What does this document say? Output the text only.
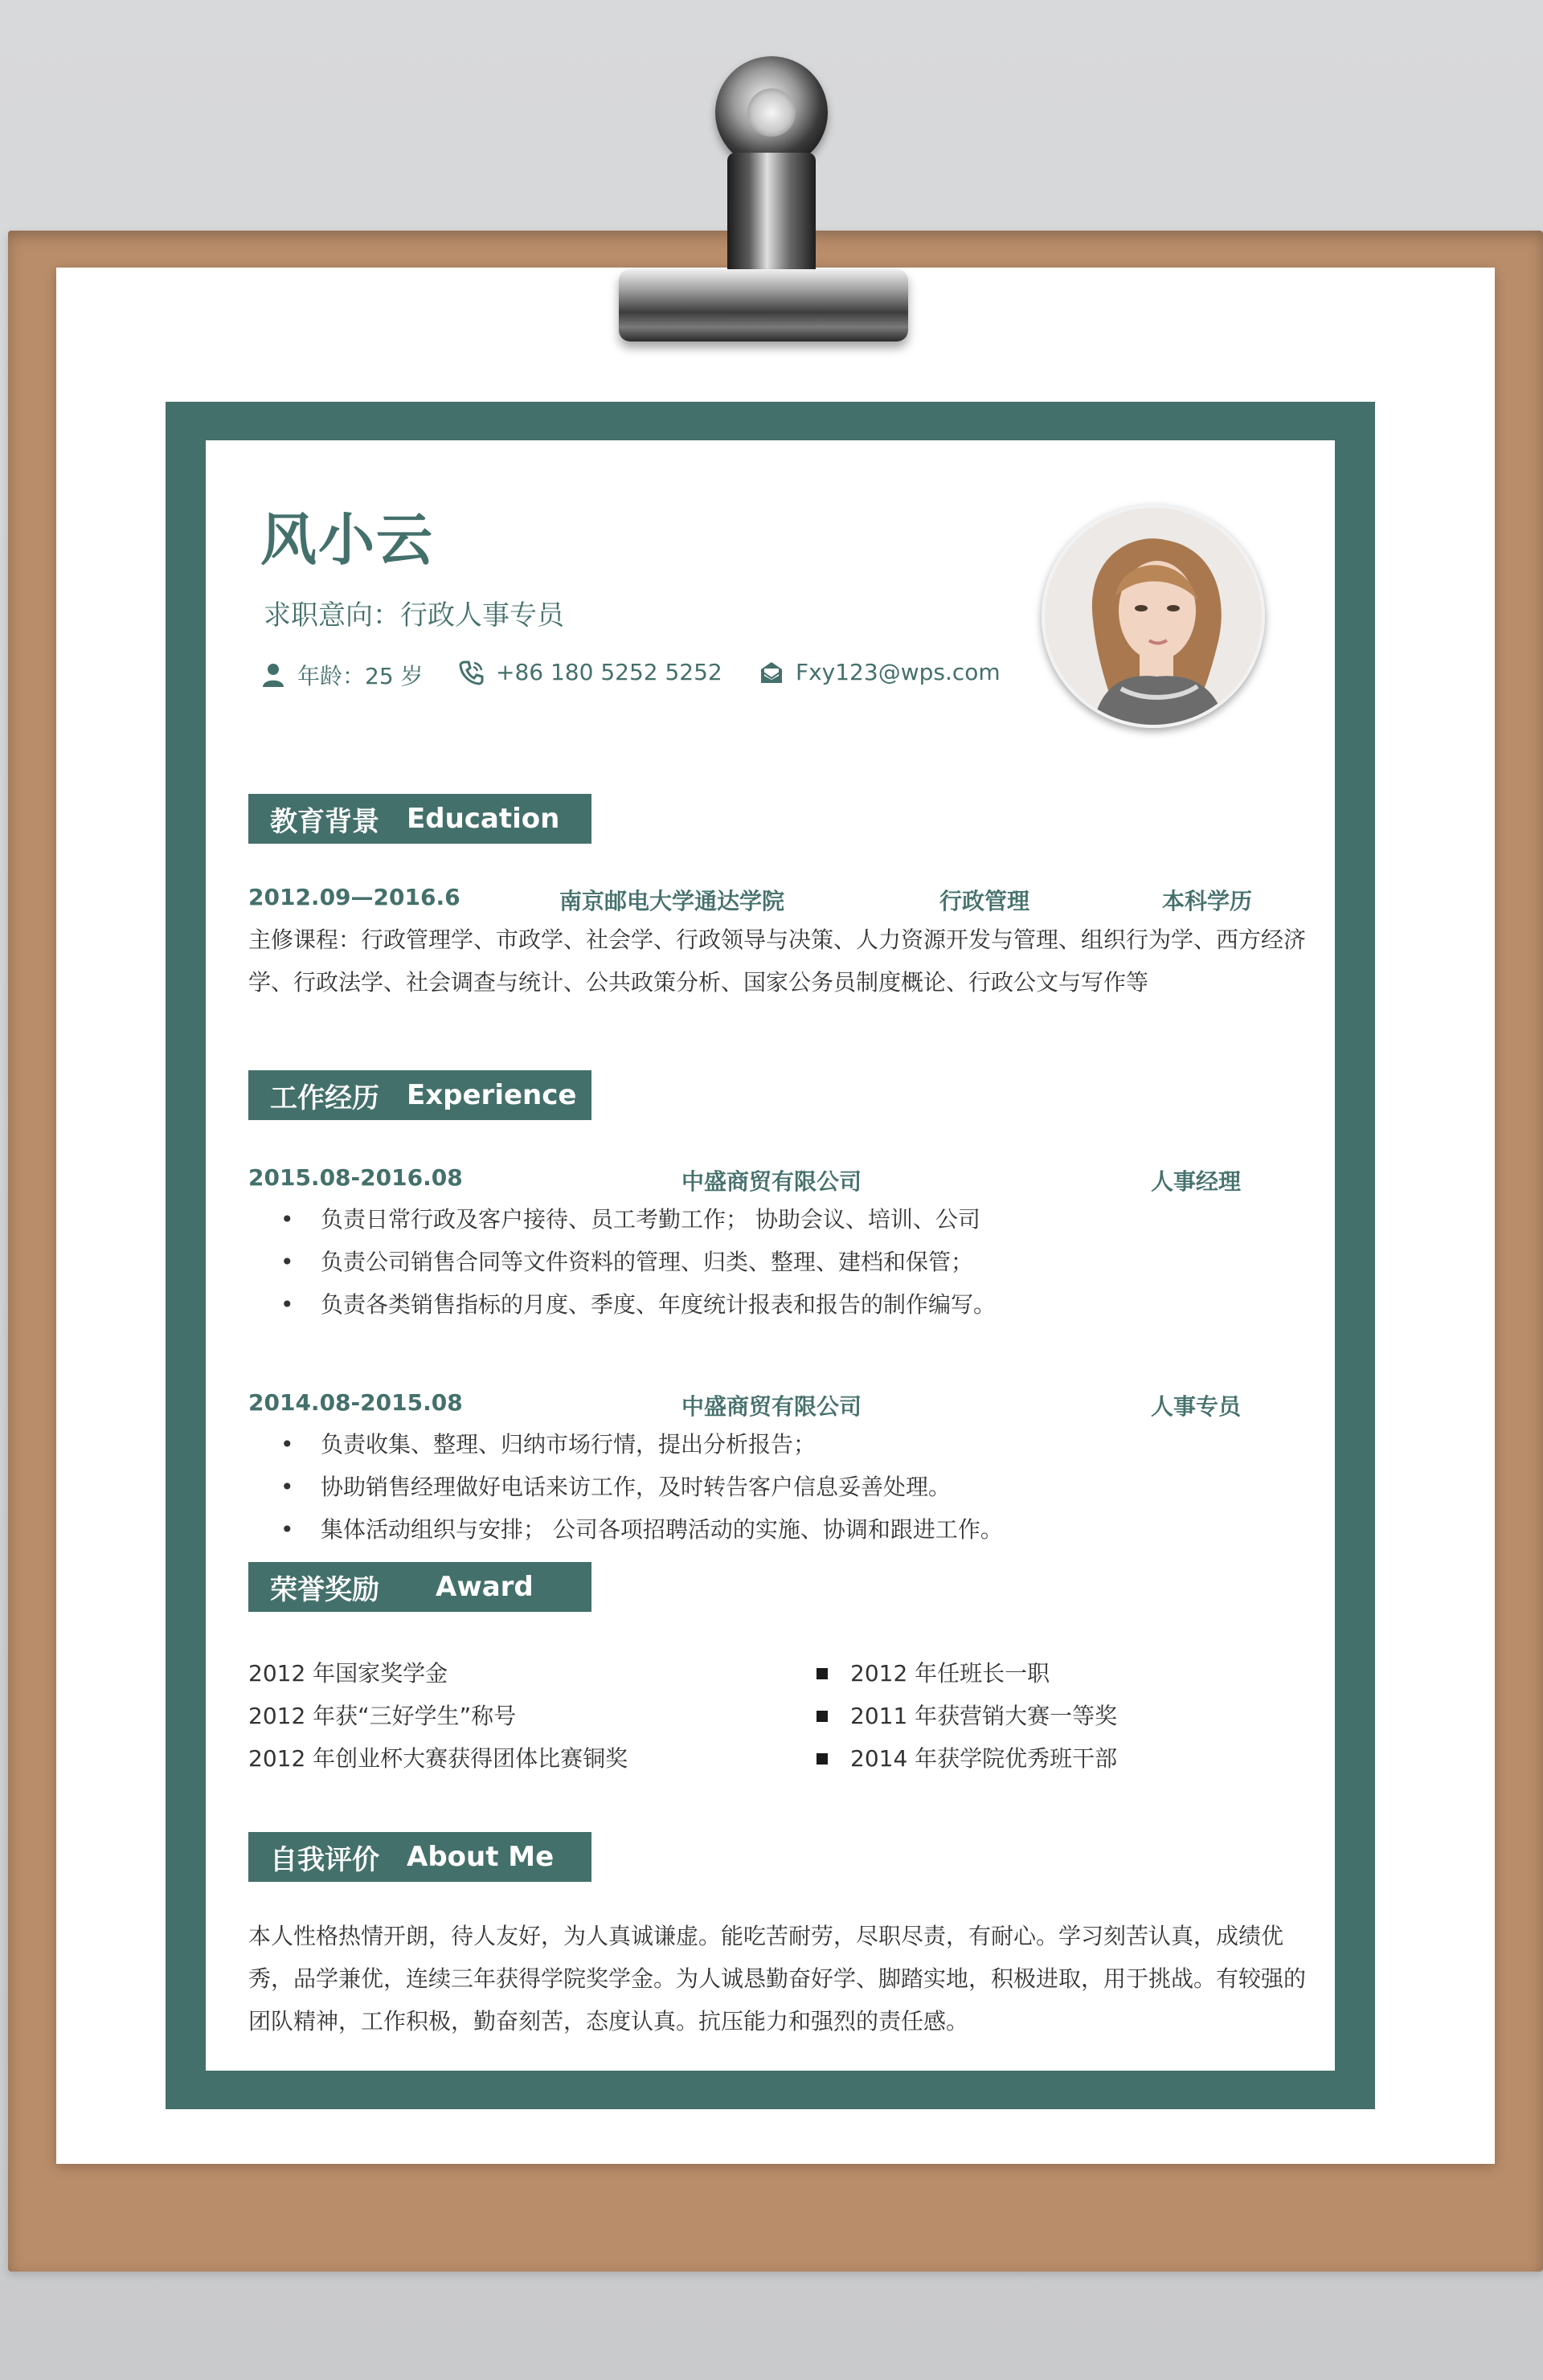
风小云
求职意向：行政人事专员
年龄：25 岁	+86 180 5252 5252	Fxy123@wps.com
教育背景 Education
2012.09—2016.6	南京邮电大学通达学院	行政管理	本科学历
主修课程：行政管理学、市政学、社会学、行政领导与决策、人力资源开发与管理、组织行为学、西方经济学、行政法学、社会调查与统计、公共政策分析、国家公务员制度概论、行政公文与写作等
工作经历 Experience
2015.08-2016.08	中盛商贸有限公司	人事经理
• 负责日常行政及客户接待、员工考勤工作； 协助会议、培训、公司
• 负责公司销售合同等文件资料的管理、归类、整理、建档和保管；
• 负责各类销售指标的月度、季度、年度统计报表和报告的制作编写。
2014.08-2015.08	中盛商贸有限公司	人事专员
• 负责收集、整理、归纳市场行情，提出分析报告；
• 协助销售经理做好电话来访工作，及时转告客户信息妥善处理。
• 集体活动组织与安排； 公司各项招聘活动的实施、协调和跟进工作。
荣誉奖励 Award
2012 年国家奖学金
2012 年获“三好学生”称号
2012 年创业杯大赛获得团体比赛铜奖
2012 年任班长一职
2011 年获营销大赛一等奖
2014 年获学院优秀班干部
自我评价 About Me
本人性格热情开朗，待人友好，为人真诚谦虚。能吃苦耐劳，尽职尽责，有耐心。学习刻苦认真，成绩优秀，品学兼优，连续三年获得学院奖学金。为人诚恳勤奋好学、脚踏实地，积极进取，用于挑战。有较强的团队精神，工作积极，勤奋刻苦，态度认真。抗压能力和强烈的责任感。
